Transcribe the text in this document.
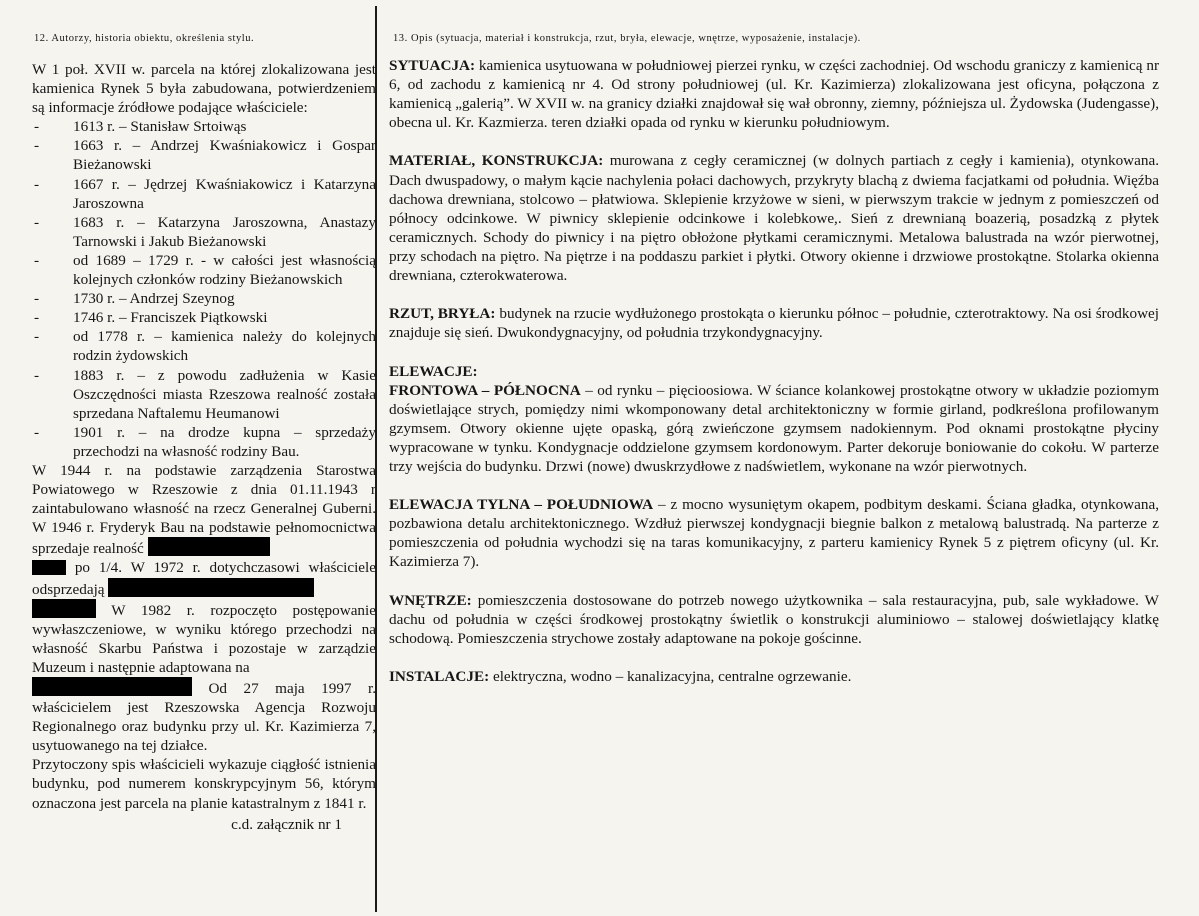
12. Autorzy, historia obiektu, określenia stylu.	13. Opis (sytuacja, materiał i konstrukcja, rzut, bryła, elewacje, wnętrze, wyposażenie, instalacje).

W 1 poł. XVII w. parcela na której zlokalizowana jest kamienica Rynek 5 była zabudowana, potwierdzeniem są informacje źródłowe podające właściciele:

- 1613 r. – Stanisław Srtoiwąs
- 1663 r. – Andrzej Kwaśniakowicz i Gospar Bieżanowski
- 1667 r. – Jędrzej Kwaśniakowicz i Katarzyna Jaroszowna
- 1683 r. – Katarzyna Jaroszowna, Anastazy Tarnowski i Jakub Bieżanowski
- od 1689 – 1729 r. - w całości jest własnością kolejnych członków rodziny Bieżanowskich
- 1730 r. – Andrzej Szeynog
- 1746 r. – Franciszek Piątkowski
- od 1778 r. – kamienica należy do kolejnych rodzin żydowskich
- 1883 r. – z powodu zadłużenia w Kasie Oszczędności miasta Rzeszowa realność została sprzedana Naftalemu Heumanowi
- 1901 r. – na drodze kupna – sprzedaży przechodzi na własność rodziny Bau.

W 1944 r. na podstawie zarządzenia Starostwa Powiatowego w Rzeszowie z dnia 01.11.1943 r zaintabulowano własność na rzecz Generalnej Guberni. W 1946 r. Fryderyk Bau na podstawie pełnomocnictwa sprzedaje realność
po 1/4. W 1972 r. dotychczasowi właściciele odsprzedają
W 1982 r. rozpoczęto postępowanie wywłaszczeniowe, w wyniku którego przechodzi na własność Skarbu Państwa i pozostaje w zarządzie Muzeum i następnie adaptowana na
Od 27 maja 1997 r. właścicielem jest Rzeszowska Agencja Rozwoju Regionalnego oraz budynku przy ul. Kr. Kazimierza 7, usytuowanego na tej działce.

Przytoczony spis właścicieli wykazuje ciągłość istnienia budynku, pod numerem konskrypcyjnym 56, którym oznaczona jest parcela na planie katastralnym z 1841 r.

c.d. załącznik nr 1

SYTUACJA: kamienica usytuowana w południowej pierzei rynku, w części zachodniej. Od wschodu graniczy z kamienicą nr 6, od zachodu z kamienicą nr 4. Od strony południowej (ul. Kr. Kazimierza) zlokalizowana jest oficyna, połączona z kamienicą „galerią”. W XVII w. na granicy działki znajdował się wał obronny, ziemny, późniejsza ul. Żydowska (Judengasse), obecna ul. Kr. Kazmierza. teren działki opada od rynku w kierunku południowym.

MATERIAŁ, KONSTRUKCJA: murowana z cegły ceramicznej (w dolnych partiach z cegły i kamienia), otynkowana. Dach dwuspadowy, o małym kącie nachylenia połaci dachowych, przykryty blachą z dwiema facjatkami od południa. Więźba dachowa drewniana, stolcowo – płatwiowa. Sklepienie krzyżowe w sieni, w pierwszym trakcie w jednym z pomieszczeń od północy odcinkowe. W piwnicy sklepienie odcinkowe i kolebkowe,. Sień z drewnianą boazerią, posadzką z płytek ceramicznych. Schody do piwnicy i na piętro obłożone płytkami ceramicznymi. Metalowa balustrada na wzór pierwotnej, przy schodach na piętro. Na piętrze i na poddaszu parkiet i płytki. Otwory okienne i drzwiowe prostokątne. Stolarka okienna drewniana, czterokwaterowa.

RZUT, BRYŁA: budynek na rzucie wydłużonego prostokąta o kierunku północ – południe, czterotraktowy. Na osi środkowej znajduje się sień. Dwukondygnacyjny, od południa trzykondygnacyjny.

ELEWACJE:
FRONTOWA – PÓŁNOCNA – od rynku – pięcioosiowa. W ściance kolankowej prostokątne otwory w układzie poziomym doświetlające strych, pomiędzy nimi wkomponowany detal architektoniczny w formie girland, podkreślona profilowanym gzymsem. Otwory okienne ujęte opaską, górą zwieńczone gzymsem nadokiennym. Pod oknami prostokątne płyciny wypracowane w tynku. Kondygnacje oddzielone gzymsem kordonowym. Parter dekoruje boniowanie do cokołu. W parterze trzy wejścia do budynku. Drzwi (nowe) dwuskrzydłowe z nadświetlem, wykonane na wzór pierwotnych.

ELEWACJA TYLNA – POŁUDNIOWA – z mocno wysuniętym okapem, podbitym deskami. Ściana gładka, otynkowana, pozbawiona detalu architektonicznego. Wzdłuż pierwszej kondygnacji biegnie balkon z metalową balustradą. Na parterze z pomieszczenia od południa wychodzi się na taras komunikacyjny, z parteru kamienicy Rynek 5 z piętrem oficyny (ul. Kr. Kazimierza 7).

WNĘTRZE: pomieszczenia dostosowane do potrzeb nowego użytkownika – sala restauracyjna, pub, sale wykładowe. W dachu od południa w części środkowej prostokątny świetlik o konstrukcji aluminiowo – stalowej doświetlający klatkę schodową. Pomieszczenia strychowe zostały adaptowane na pokoje gościnne.

INSTALACJE: elektryczna, wodno – kanalizacyjna, centralne ogrzewanie.
